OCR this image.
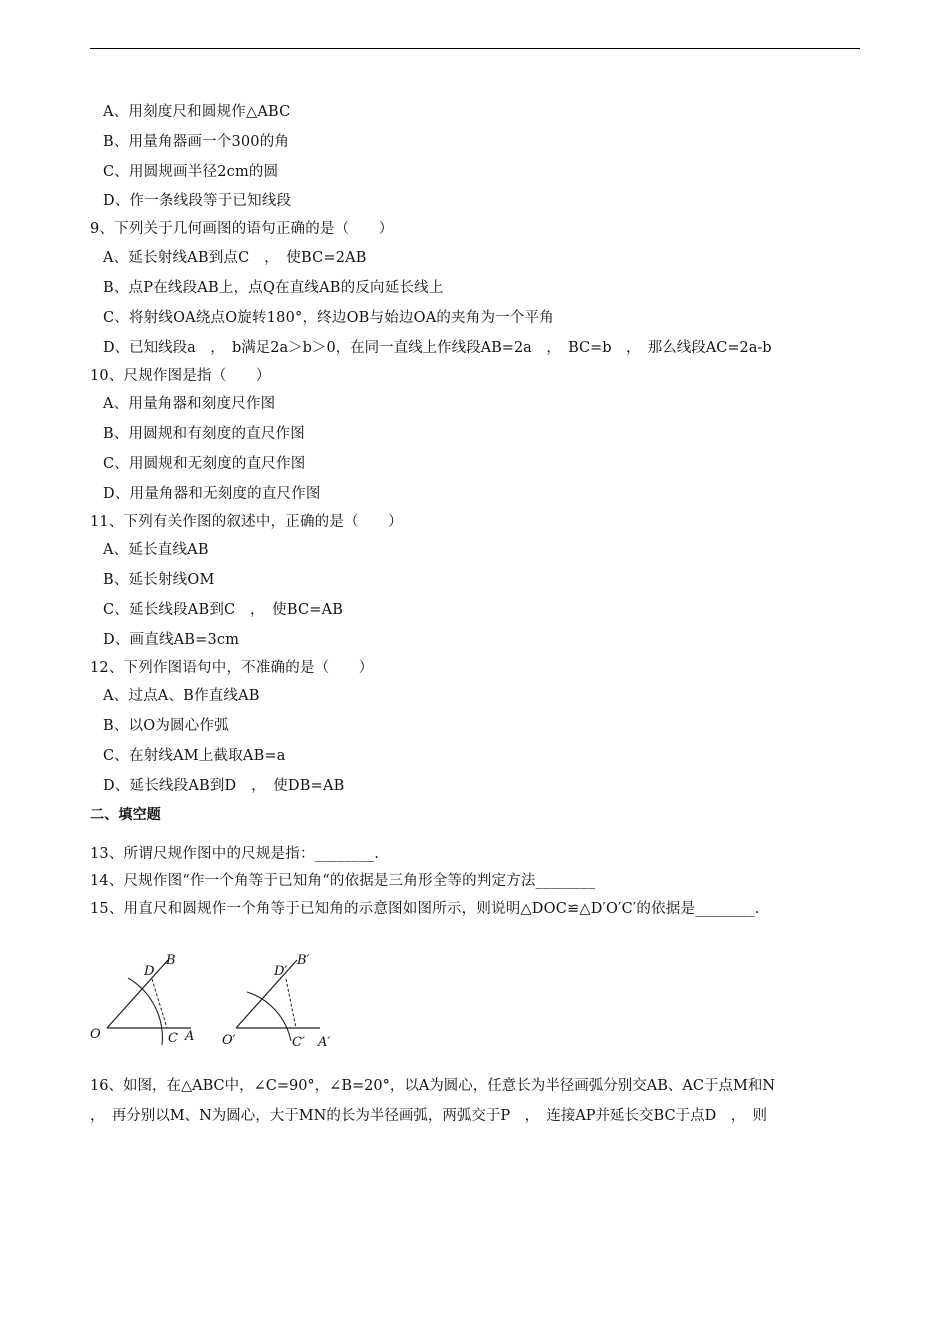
A、用刻度尺和圆规作△ABC
B、用量角器画一个300的角
C、用圆规画半径2cm的圆
D、作一条线段等于已知线段
9、下列关于几何画图的语句正确的是（　　）
A、延长射线AB到点C　，　使BC=2AB
B、点P在线段AB上，点Q在直线AB的反向延长线上
C、将射线OA绕点O旋转180°，终边OB与始边OA的夹角为一个平角
D、已知线段a　，　b满足2a＞b＞0，在同一直线上作线段AB=2a　，　BC=b　，　那么线段AC=2a-b
10、尺规作图是指（　　）
A、用量角器和刻度尺作图
B、用圆规和有刻度的直尺作图
C、用圆规和无刻度的直尺作图
D、用量角器和无刻度的直尺作图
11、下列有关作图的叙述中，正确的是（　　）
A、延长直线AB
B、延长射线OM
C、延长线段AB到C　，　使BC=AB
D、画直线AB=3cm
12、下列作图语句中，不准确的是（　　）
A、过点A、B作直线AB
B、以O为圆心作弧
C、在射线AM上截取AB=a
D、延长线段AB到D　，　使DB=AB
二、填空题
13、所谓尺规作图中的尺规是指：________.
14、尺规作图“作一个角等于已知角“的依据是三角形全等的判定方法________
15、用直尺和圆规作一个角等于已知角的示意图如图所示，则说明△DOC≌△D′O′C′的依据是________.
O	C A
D
B
O′	C′ A′
D′
B′
16、如图，在△ABC中，∠C=90°，∠B=20°，以A为圆心，任意长为半径画弧分别交AB、AC于点M和N
，　再分别以M、N为圆心，大于MN的长为半径画弧，两弧交于P　，　连接AP并延长交BC于点D　，　则
